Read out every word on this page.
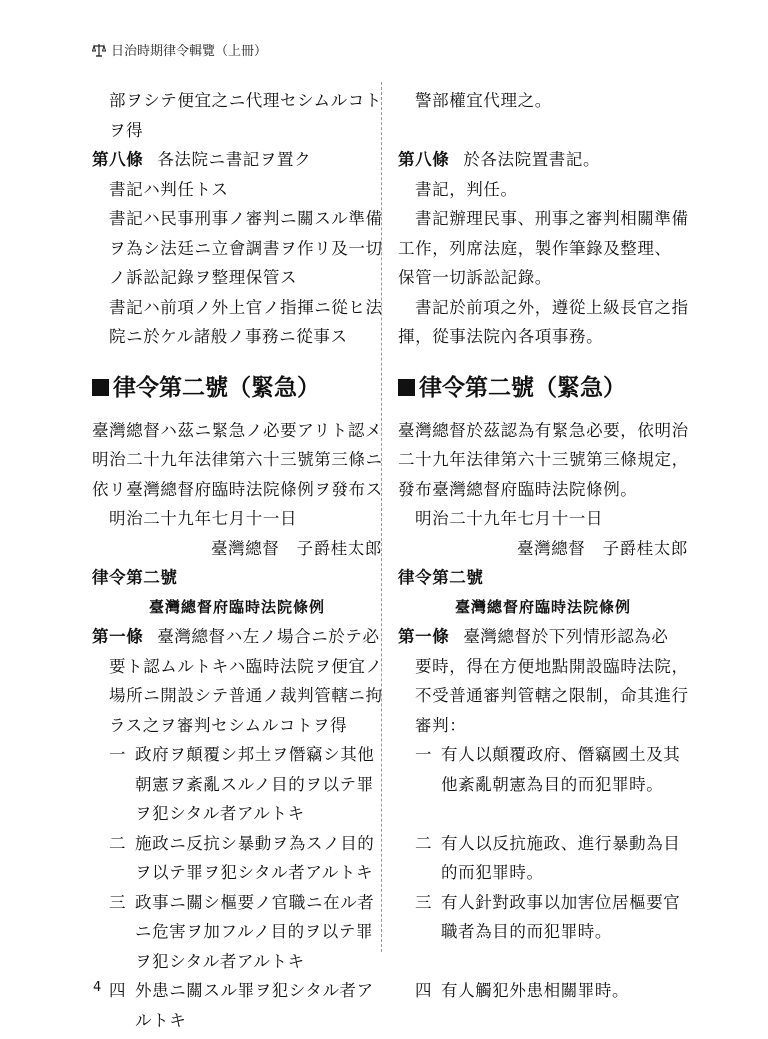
日治時期律令輯覽（上冊）
部ヲシテ便宜之ニ代理セシムルコト
ヲ得
第八條 各法院ニ書記ヲ置ク
書記ハ判任トス
書記ハ民事刑事ノ審判ニ關スル準備
ヲ為シ法廷ニ立會調書ヲ作リ及一切
ノ訴訟記錄ヲ整理保管ス
書記ハ前項ノ外上官ノ指揮ニ從ヒ法
院ニ於ケル諸般ノ事務ニ從事ス
律令第二號（緊急）
臺灣總督ハ茲ニ緊急ノ必要アリト認メ
明治二十九年法律第六十三號第三條ニ
依リ臺灣總督府臨時法院條例ヲ發布ス
明治二十九年七月十一日
臺灣總督　子爵桂太郎
律令第二號
臺灣總督府臨時法院條例
第一條 臺灣總督ハ左ノ場合ニ於テ必
要ト認ムルトキハ臨時法院ヲ便宜ノ
場所ニ開設シテ普通ノ裁判管轄ニ拘
ラス之ヲ審判セシムルコトヲ得
一 政府ヲ顛覆シ邦土ヲ僭竊シ其他
朝憲ヲ紊亂スルノ目的ヲ以テ罪
ヲ犯シタル者アルトキ
二 施政ニ反抗シ暴動ヲ為スノ目的
ヲ以テ罪ヲ犯シタル者アルトキ
三 政事ニ關シ樞要ノ官職ニ在ル者
ニ危害ヲ加フルノ目的ヲ以テ罪
ヲ犯シタル者アルトキ
四 外患ニ關スル罪ヲ犯シタル者ア
ルトキ
警部權宜代理之。
第八條 於各法院置書記。
書記，判任。
書記辦理民事、刑事之審判相關準備
工作，列席法庭，製作筆錄及整理、
保管一切訴訟記錄。
書記於前項之外，遵從上級長官之指
揮，從事法院內各項事務。
律令第二號（緊急）
臺灣總督於茲認為有緊急必要，依明治
二十九年法律第六十三號第三條規定，
發布臺灣總督府臨時法院條例。
明治二十九年七月十一日
臺灣總督　子爵桂太郎
律令第二號
臺灣總督府臨時法院條例
第一條 臺灣總督於下列情形認為必
要時，得在方便地點開設臨時法院，
不受普通審判管轄之限制，命其進行
審判：
一 有人以顛覆政府、僭竊國土及其
他紊亂朝憲為目的而犯罪時。
二 有人以反抗施政、進行暴動為目
的而犯罪時。
三 有人針對政事以加害位居樞要官
職者為目的而犯罪時。
四 有人觸犯外患相關罪時。
4
